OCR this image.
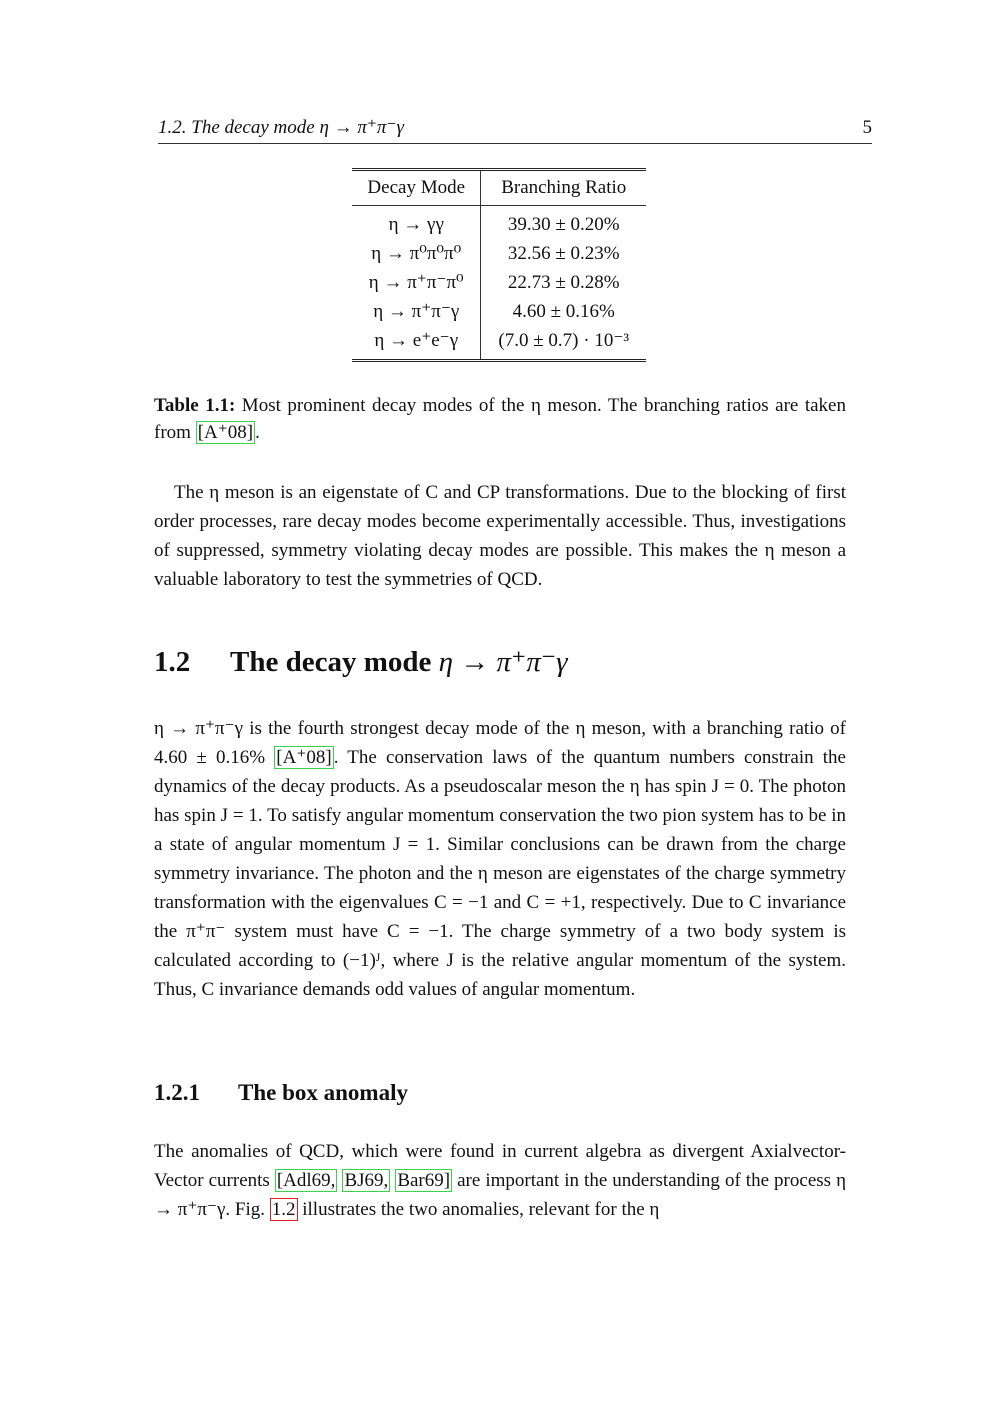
1.2. The decay mode η → π⁺π⁻γ	5
Decay Mode	Branching Ratio
η → γγ	39.30 ± 0.20%
η → π⁰π⁰π⁰	32.56 ± 0.23%
η → π⁺π⁻π⁰	22.73 ± 0.28%
η → π⁺π⁻γ	4.60 ± 0.16%
η → e⁺e⁻γ	(7.0 ± 0.7) · 10⁻³
Table 1.1: Most prominent decay modes of the η meson. The branching ratios are taken from [A⁺08] .
The η meson is an eigenstate of C and CP transformations. Due to the blocking of first order processes, rare decay modes become experimentally accessible. Thus, investigations of suppressed, symmetry violating decay modes are possible. This makes the η meson a valuable laboratory to test the symmetries of QCD.
1.2 The decay mode η → π⁺π⁻γ
η → π⁺π⁻γ is the fourth strongest decay mode of the η meson, with a branching ratio of 4.60 ± 0.16% [A⁺08] . The conservation laws of the quantum numbers constrain the dynamics of the decay products. As a pseudoscalar meson the η has spin J = 0. The photon has spin J = 1. To satisfy angular momentum conservation the two pion system has to be in a state of angular momentum J = 1. Similar conclusions can be drawn from the charge symmetry invariance. The photon and the η meson are eigenstates of the charge symmetry transformation with the eigenvalues C = −1 and C = +1, respectively. Due to C invariance the π⁺π⁻ system must have C = −1. The charge symmetry of a two body system is calculated according to (−1)ᴶ, where J is the relative angular momentum of the system. Thus, C invariance demands odd values of angular momentum.
1.2.1 The box anomaly
The anomalies of QCD, which were found in current algebra as divergent Axialvector-Vector currents [Adl69, BJ69, Bar69] are important in the understanding of the process η → π⁺π⁻γ. Fig. 1.2 illustrates the two anomalies, relevant for the η
